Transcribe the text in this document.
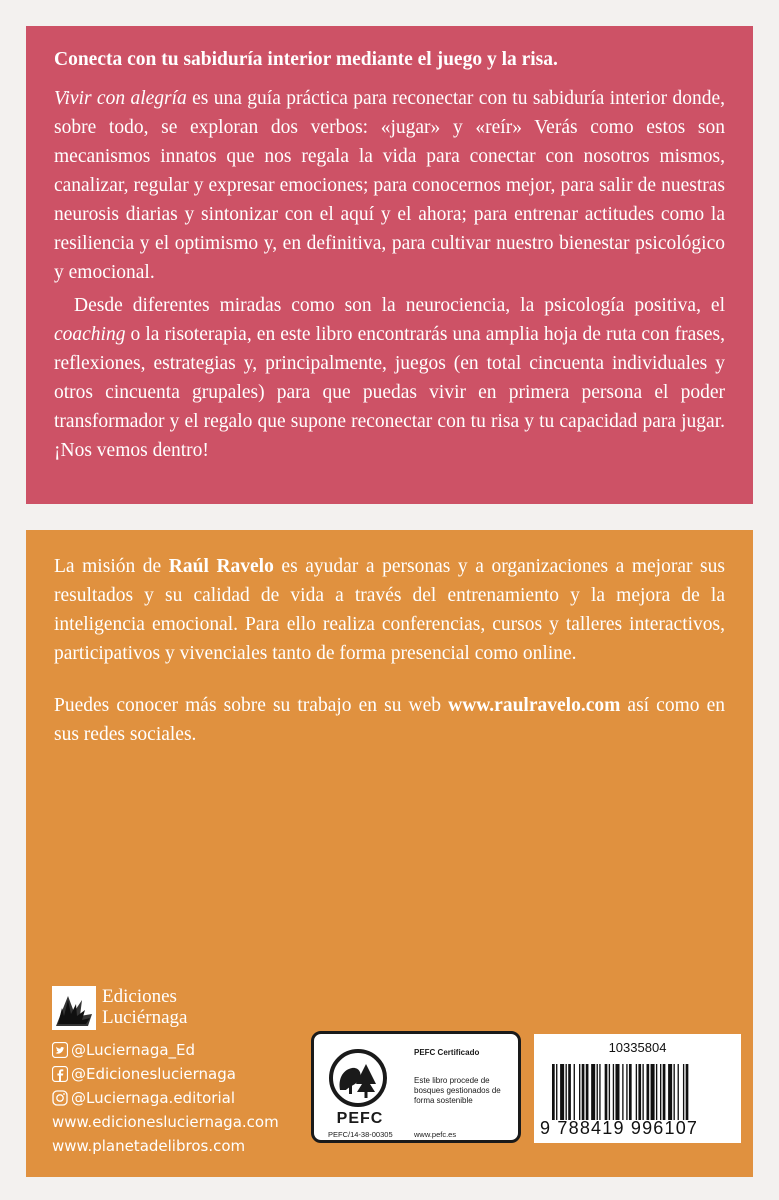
Conecta con tu sabiduría interior mediante el juego y la risa.

Vivir con alegría es una guía práctica para reconectar con tu sabiduría interior donde, sobre todo, se exploran dos verbos: «jugar» y «reír» Verás como estos son mecanismos innatos que nos regala la vida para conectar con nosotros mismos, canalizar, regular y expresar emociones; para conocernos mejor, para salir de nuestras neurosis diarias y sintonizar con el aquí y el ahora; para entrenar actitudes como la resiliencia y el optimismo y, en definitiva, para cultivar nuestro bienestar psicológico y emocional.

Desde diferentes miradas como son la neurociencia, la psicología positiva, el coaching o la risoterapia, en este libro encontrarás una amplia hoja de ruta con frases, reflexiones, estrategias y, principalmente, juegos (en total cincuenta individuales y otros cincuenta grupales) para que puedas vivir en primera persona el poder transformador y el regalo que supone reconectar con tu risa y tu capacidad para jugar. ¡Nos vemos dentro!

La misión de Raúl Ravelo es ayudar a personas y a organizaciones a mejorar sus resultados y su calidad de vida a través del entrenamiento y la mejora de la inteligencia emocional. Para ello realiza conferencias, cursos y talleres interactivos, participativos y vivenciales tanto de forma presencial como online.

Puedes conocer más sobre su trabajo en su web www.raulravelo.com así como en sus redes sociales.

Ediciones
Luciérnaga
@Luciernaga_Ed
@Edicionesluciernaga
@Luciernaga.editorial
www.edicionesluciernaga.com
www.planetadelibros.com
PEFC
PEFC Certificado
Este libro procede de bosques gestionados de forma sostenible
PEFC/14-38-00305	www.pefc.es
10335804
9 788419 996107
